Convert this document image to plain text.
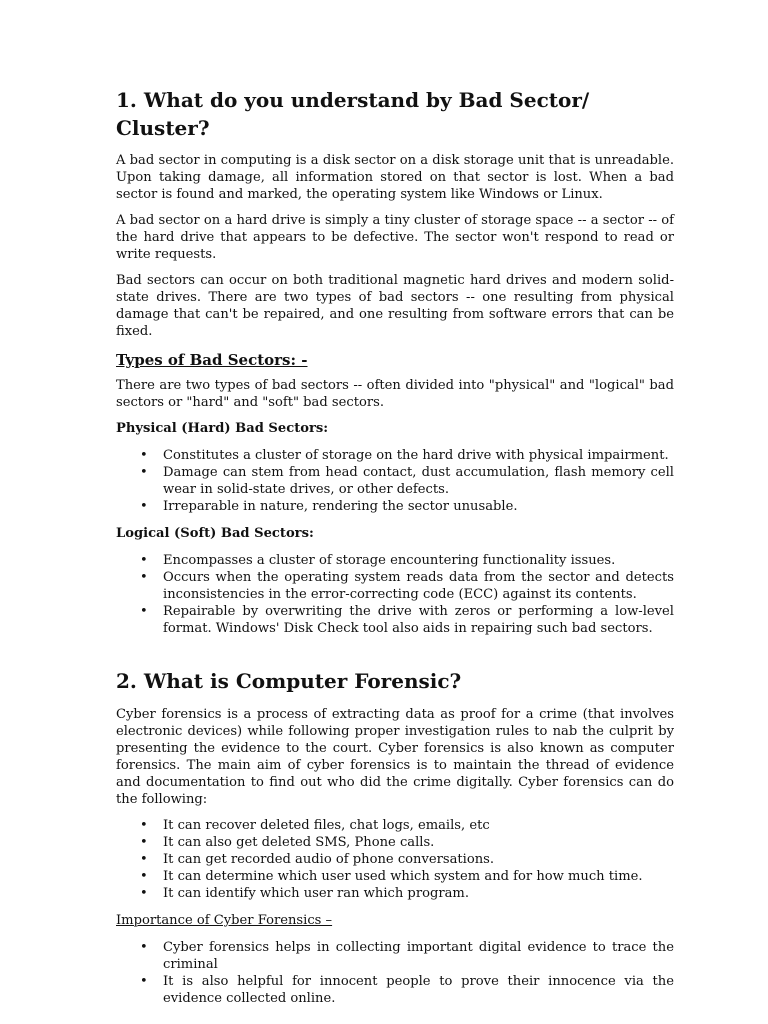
1. What do you understand by Bad Sector/ Cluster?

A bad sector in computing is a disk sector on a disk storage unit that is unreadable. Upon taking damage, all information stored on that sector is lost. When a bad sector is found and marked, the operating system like Windows or Linux.

A bad sector on a hard drive is simply a tiny cluster of storage space -- a sector -- of the hard drive that appears to be defective. The sector won't respond to read or write requests.

Bad sectors can occur on both traditional magnetic hard drives and modern solid-state drives. There are two types of bad sectors -- one resulting from physical damage that can't be repaired, and one resulting from software errors that can be fixed.

Types of Bad Sectors: -

There are two types of bad sectors -- often divided into "physical" and "logical" bad sectors or "hard" and "soft" bad sectors.

Physical (Hard) Bad Sectors:
• Constitutes a cluster of storage on the hard drive with physical impairment.
• Damage can stem from head contact, dust accumulation, flash memory cell wear in solid-state drives, or other defects.
• Irreparable in nature, rendering the sector unusable.
Logical (Soft) Bad Sectors:
• Encompasses a cluster of storage encountering functionality issues.
• Occurs when the operating system reads data from the sector and detects inconsistencies in the error-correcting code (ECC) against its contents.
• Repairable by overwriting the drive with zeros or performing a low-level format. Windows' Disk Check tool also aids in repairing such bad sectors.
2. What is Computer Forensic?

Cyber forensics is a process of extracting data as proof for a crime (that involves electronic devices) while following proper investigation rules to nab the culprit by presenting the evidence to the court. Cyber forensics is also known as computer forensics. The main aim of cyber forensics is to maintain the thread of evidence and documentation to find out who did the crime digitally. Cyber forensics can do the following:

• It can recover deleted files, chat logs, emails, etc
• It can also get deleted SMS, Phone calls.
• It can get recorded audio of phone conversations.
• It can determine which user used which system and for how much time.
• It can identify which user ran which program.
Importance of Cyber Forensics –
• Cyber forensics helps in collecting important digital evidence to trace the criminal
• It is also helpful for innocent people to prove their innocence via the evidence collected online.
